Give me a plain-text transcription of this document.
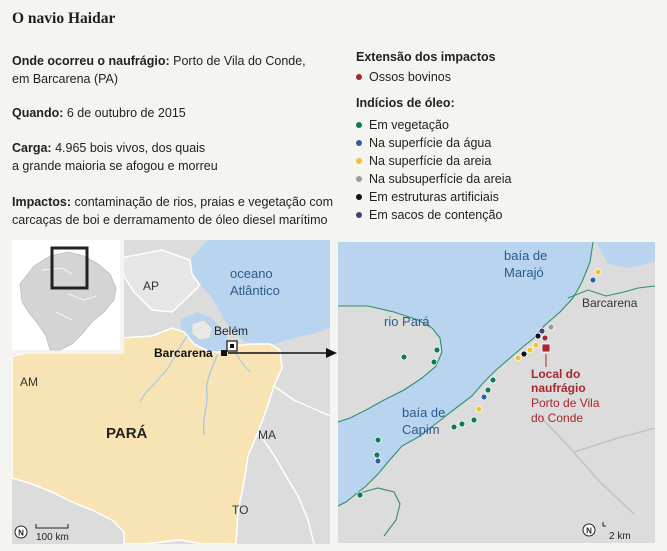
O navio Haidar
Onde ocorreu o naufrágio: Porto de Vila do Conde,
em Barcarena (PA)
Quando: 6 de outubro de 2015
Carga: 4.965 bois vivos, dos quais
a grande maioria se afogou e morreu
Impactos: contaminação de rios, praias e vegetação com
carcaças de boi e derramamento de óleo diesel marítimo
Extensão dos impactos
Ossos bovinos
Indícios de óleo:
Em vegetação
Na superfície da água
Na superfície da areia
Na subsuperfície da areia
Em estruturas artificiais
Em sacos de contenção
oceano
Atlântico
AP
Belém
Barcarena
AM
PARÁ	MA
TO
N 100 km
baía de
Marajó
rio Pará
Barcarena
baía de
Capim
Local do
naufrágio
Porto de Vila
do Conde
N 2 km
